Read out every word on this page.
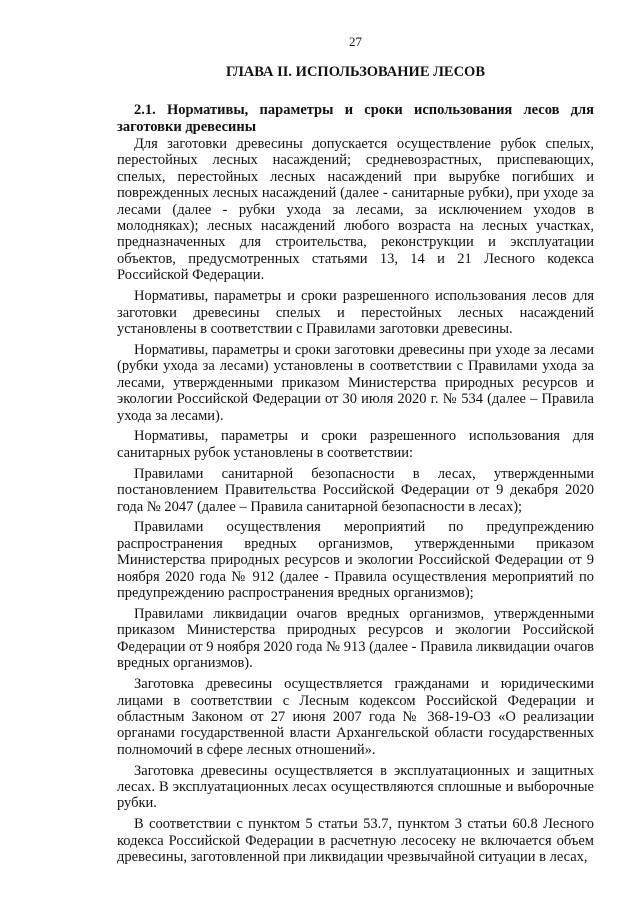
27
ГЛАВА II. ИСПОЛЬЗОВАНИЕ ЛЕСОВ
2.1. Нормативы, параметры и сроки использования лесов для заготовки древесины

Для заготовки древесины допускается осуществление рубок спелых, перестойных лесных насаждений; средневозрастных, приспевающих, спелых, перестойных лесных насаждений при вырубке погибших и поврежденных лесных насаждений (далее - санитарные рубки), при уходе за лесами (далее - рубки ухода за лесами, за исключением уходов в молодняках); лесных насаждений любого возраста на лесных участках, предназначенных для строительства, реконструкции и эксплуатации объектов, предусмотренных статьями 13, 14 и 21 Лесного кодекса Российской Федерации.

Нормативы, параметры и сроки разрешенного использования лесов для заготовки древесины спелых и перестойных лесных насаждений установлены в соответствии с Правилами заготовки древесины.

Нормативы, параметры и сроки заготовки древесины при уходе за лесами (рубки ухода за лесами) установлены в соответствии с Правилами ухода за лесами, утвержденными приказом Министерства природных ресурсов и экологии Российской Федерации от 30 июля 2020 г. № 534 (далее – Правила ухода за лесами).

Нормативы, параметры и сроки разрешенного использования для санитарных рубок установлены в соответствии:

Правилами санитарной безопасности в лесах, утвержденными постановлением Правительства Российской Федерации от 9 декабря 2020 года № 2047 (далее – Правила санитарной безопасности в лесах);

Правилами осуществления мероприятий по предупреждению распространения вредных организмов, утвержденными приказом Министерства природных ресурсов и экологии Российской Федерации от 9 ноября 2020 года № 912 (далее - Правила осуществления мероприятий по предупреждению распространения вредных организмов);

Правилами ликвидации очагов вредных организмов, утвержденными приказом Министерства природных ресурсов и экологии Российской Федерации от 9 ноября 2020 года № 913 (далее - Правила ликвидации очагов вредных организмов).

Заготовка древесины осуществляется гражданами и юридическими лицами в соответствии с Лесным кодексом Российской Федерации и областным Законом от 27 июня 2007 года № 368-19-ОЗ «О реализации органами государственной власти Архангельской области государственных полномочий в сфере лесных отношений».

Заготовка древесины осуществляется в эксплуатационных и защитных лесах. В эксплуатационных лесах осуществляются сплошные и выборочные рубки.

В соответствии с пунктом 5 статьи 53.7, пунктом 3 статьи 60.8 Лесного кодекса Российской Федерации в расчетную лесосеку не включается объем древесины, заготовленной при ликвидации чрезвычайной ситуации в лесах,
